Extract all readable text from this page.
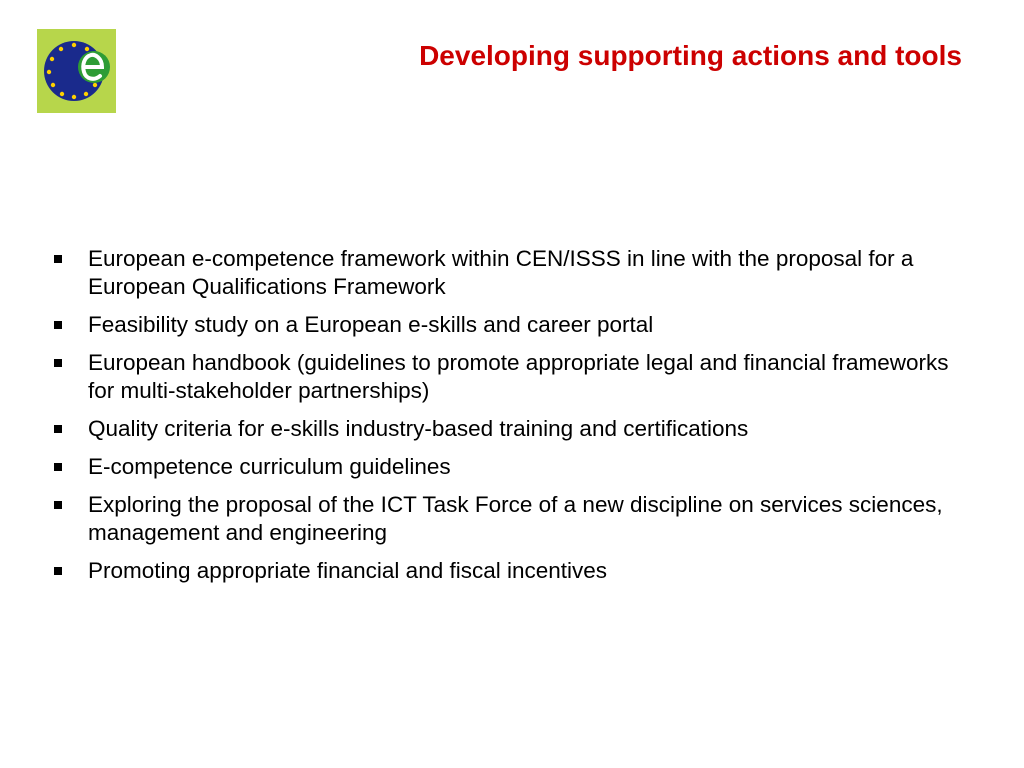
Developing supporting actions and tools
European e-competence framework within CEN/ISSS in line with the proposal for a European Qualifications Framework
Feasibility study on a European e-skills and career portal
European handbook (guidelines to promote appropriate legal and financial frameworks for multi-stakeholder partnerships)
Quality criteria for e-skills industry-based training and certifications
E-competence curriculum guidelines
Exploring the proposal of the ICT Task Force of a new discipline on services sciences, management and engineering
Promoting appropriate financial and fiscal incentives
